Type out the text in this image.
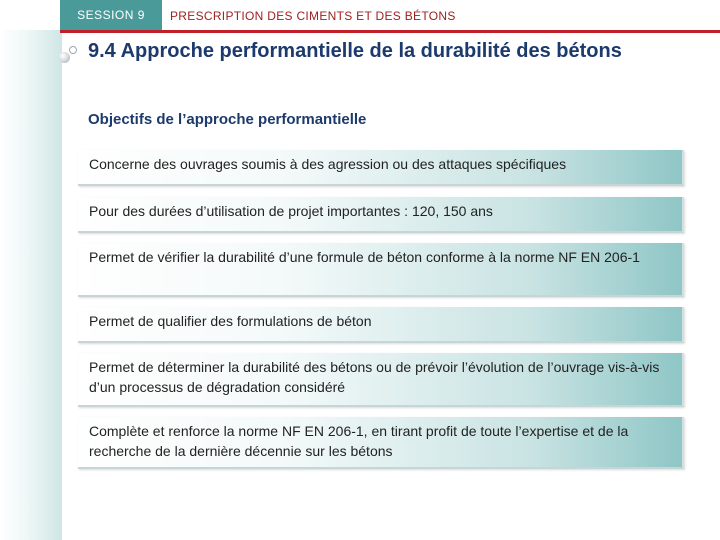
SESSION 9	PRESCRIPTION DES CIMENTS ET DES BÉTONS
9.4 Approche performantielle de la durabilité des bétons
Objectifs de l’approche performantielle
Concerne des ouvrages soumis à des agression ou des attaques spécifiques
Pour des durées d’utilisation de projet importantes : 120, 150 ans
Permet de vérifier la durabilité d’une formule de béton conforme à la norme NF EN 206-1
Permet de qualifier des formulations de béton
Permet de déterminer la durabilité des bétons ou de prévoir l’évolution de l’ouvrage vis-à-vis d’un processus de dégradation considéré
Complète et renforce la norme NF EN 206-1, en tirant profit de toute l’expertise et de la recherche de la dernière décennie sur les bétons
